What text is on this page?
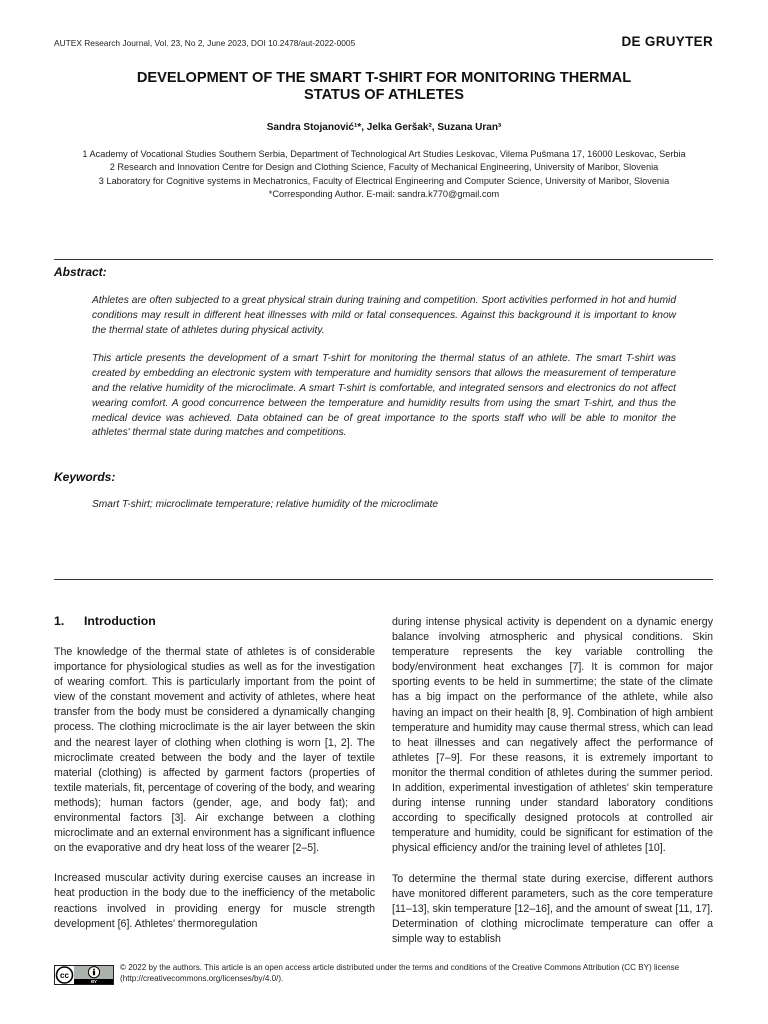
AUTEX Research Journal, Vol. 23, No 2, June 2023, DOI 10.2478/aut-2022-0005	DE GRUYTER
DEVELOPMENT OF THE SMART T-SHIRT FOR MONITORING THERMAL
STATUS OF ATHLETES
Sandra Stojanović¹*, Jelka Geršak², Suzana Uran³
1 Academy of Vocational Studies Southern Serbia, Department of Technological Art Studies Leskovac, Vilema Pušmana 17, 16000 Leskovac, Serbia
2 Research and Innovation Centre for Design and Clothing Science, Faculty of Mechanical Engineering, University of Maribor, Slovenia
3 Laboratory for Cognitive systems in Mechatronics, Faculty of Electrical Engineering and Computer Science, University of Maribor, Slovenia
*Corresponding Author. E-mail: sandra.k770@gmail.com
Abstract:

Athletes are often subjected to a great physical strain during training and competition. Sport activities performed in hot and humid conditions may result in different heat illnesses with mild or fatal consequences. Against this background it is important to know the thermal state of athletes during physical activity.

This article presents the development of a smart T-shirt for monitoring the thermal status of an athlete. The smart T-shirt was created by embedding an electronic system with temperature and humidity sensors that allows the measurement of temperature and the relative humidity of the microclimate. A smart T-shirt is comfortable, and integrated sensors and electronics do not affect wearing comfort. A good concurrence between the temperature and humidity results from using the smart T-shirt, and thus the medical device was achieved. Data obtained can be of great importance to the sports staff who will be able to monitor the athletes' thermal state during matches and competitions.

Keywords:
Smart T-shirt; microclimate temperature; relative humidity of the microclimate
1. Introduction

The knowledge of the thermal state of athletes is of considerable importance for physiological studies as well as for the investigation of wearing comfort. This is particularly important from the point of view of the constant movement and activity of athletes, where heat transfer from the body must be considered a dynamically changing process. The clothing microclimate is the air layer between the skin and the nearest layer of clothing when clothing is worn [1, 2]. The microclimate created between the body and the layer of textile material (clothing) is affected by garment factors (properties of textile materials, fit, percentage of covering of the body, and wearing methods); human factors (gender, age, and body fat); and environmental factors [3]. Air exchange between a clothing microclimate and an external environment has a significant influence on the evaporative and dry heat loss of the wearer [2–5].

Increased muscular activity during exercise causes an increase in heat production in the body due to the inefficiency of the metabolic reactions involved in providing energy for muscle strength development [6]. Athletes' thermoregulation

during intense physical activity is dependent on a dynamic energy balance involving atmospheric and physical conditions. Skin temperature represents the key variable controlling the body/environment heat exchanges [7]. It is common for major sporting events to be held in summertime; the state of the climate has a big impact on the performance of the athlete, while also having an impact on their health [8, 9]. Combination of high ambient temperature and humidity may cause thermal stress, which can lead to heat illnesses and can negatively affect the performance of athletes [7–9]. For these reasons, it is extremely important to monitor the thermal condition of athletes during the summer period. In addition, experimental investigation of athletes' skin temperature during intense running under standard laboratory conditions according to specifically designed protocols at controlled air temperature and humidity, could be significant for estimation of the physical efficiency and/or the training level of athletes [10].

To determine the thermal state during exercise, different authors have monitored different parameters, such as the core temperature [11–13], skin temperature [12–16], and the amount of sweat [11, 17]. Determination of clothing microclimate temperature can offer a simple way to establish

cc
BY
© 2022 by the authors. This article is an open access article distributed under the terms and conditions of the Creative Commons Attribution (CC BY) license
(http://creativecommons.org/licenses/by/4.0/).
